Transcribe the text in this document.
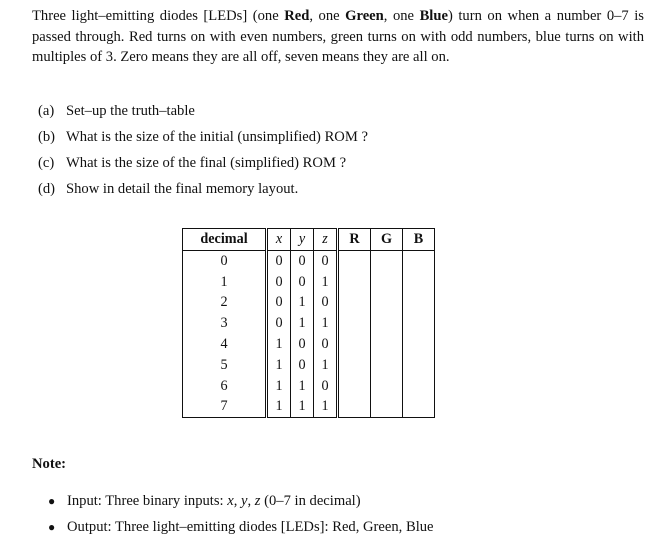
Three light–emitting diodes [LEDs] (one Red, one Green, one Blue) turn on when a number 0–7 is passed through. Red turns on with even numbers, green turns on with odd numbers, blue turns on with multiples of 3. Zero means they are all off, seven means they are all on.
(a) Set–up the truth–table
(b) What is the size of the initial (unsimplified) ROM ?
(c) What is the size of the final (simplified) ROM ?
(d) Show in detail the final memory layout.
decimal	x	y	z	R	G	B
0	0	0	0			
1	0	0	1			
2	0	1	0			
3	0	1	1			
4	1	0	0			
5	1	0	1			
6	1	1	0			
7	1	1	1			
Note:
● Input: Three binary inputs: x, y, z (0–7 in decimal)
● Output: Three light–emitting diodes [LEDs]: Red, Green, Blue
